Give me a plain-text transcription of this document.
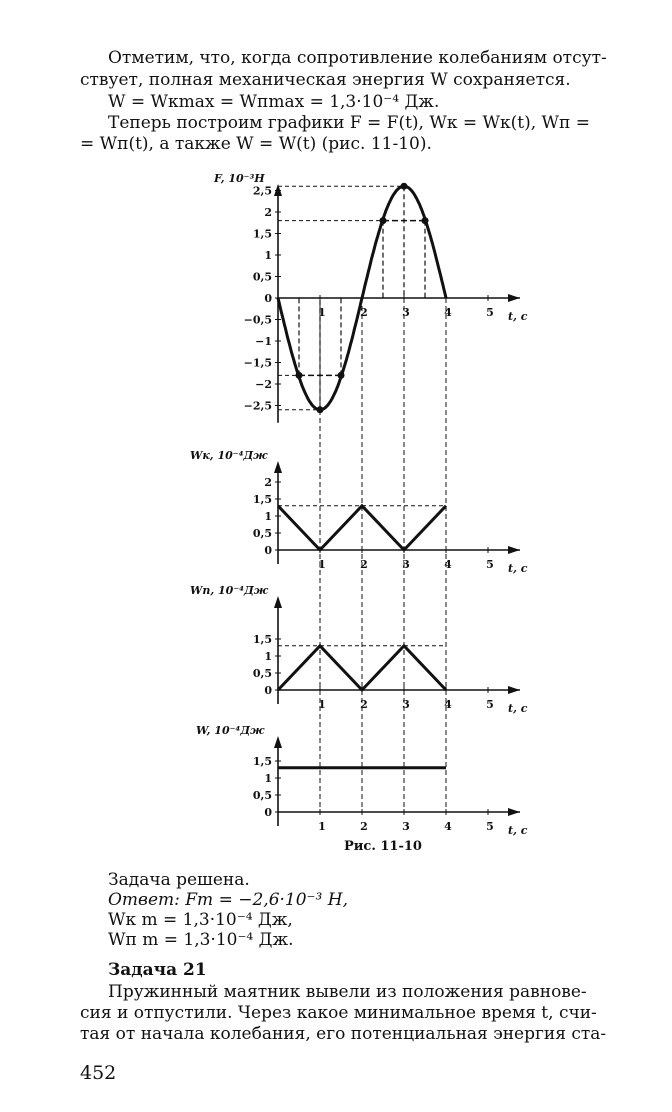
Отметим, что, когда сопротивление колебаниям отсут-
ствует, полная механическая энергия W сохраняется.
W = Wкmax = Wпmax = 1,3·10⁻⁴ Дж.
Теперь построим графики F = F(t), Wк = Wк(t), Wп =
= Wп(t), а также W = W(t) (рис. 11-10).
F, 10⁻³Н
t, с
2,5
2
1,5
1
0,5
0
−0,5
−1
−1,5
−2
−2,5
1	2	3	4	5
Wк, 10⁻⁴Дж
t, с
2
1,5
1
0,5
0
1	2	3	4	5
Wп, 10⁻⁴Дж
t, с
1,5
1
0,5
0
1	2	3	4	5
W, 10⁻⁴Дж
t, с
1,5
1
0,5
0
1	2	3	4	5
Рис. 11-10
Задача решена.
Ответ: Fm = −2,6·10⁻³ Н,
Wк m = 1,3·10⁻⁴ Дж,
Wп m = 1,3·10⁻⁴ Дж.
Задача 21
Пружинный маятник вывели из положения равнове-
сия и отпустили. Через какое минимальное время t, счи-
тая от начала колебания, его потенциальная энергия ста-
452
